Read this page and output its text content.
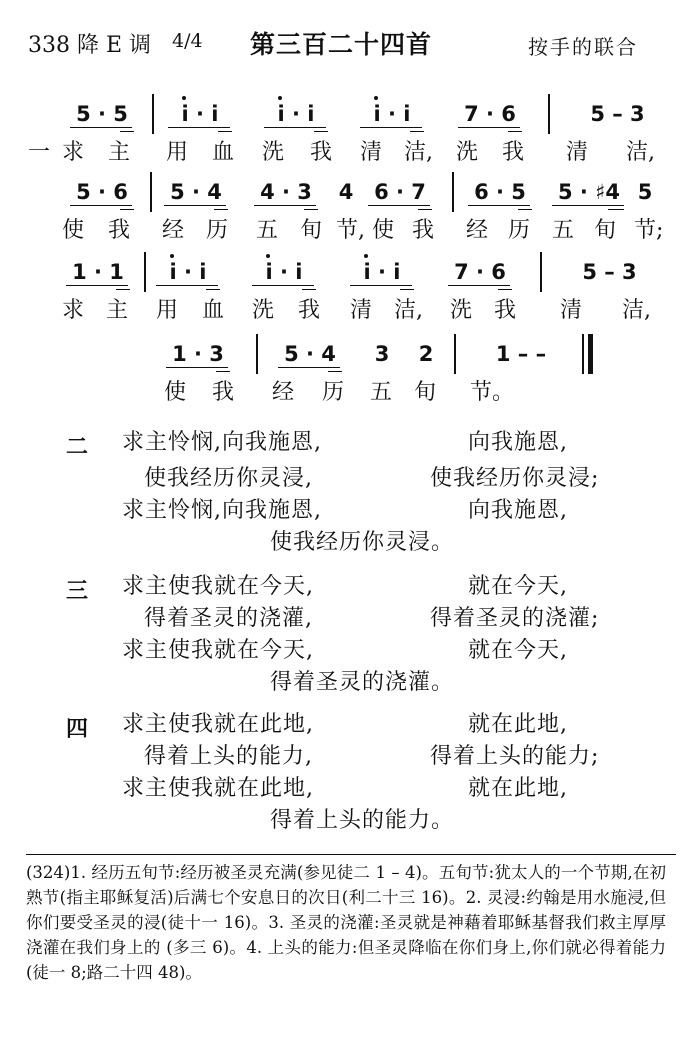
338 降 E 调 4/4 第三百二十四首	按手的联合
5 · 5	i · i	i · i	i · i	7 · 6	5 – 3
一 求 主 用 血 洗 我 清 洁, 洗 我 清 洁,
5 · 6	5 · 4	4 · 3	4 6 · 7	6 · 5	5 · ♯4 5
使 我 经 历 五 旬 节, 使 我 经 历 五 旬 节;
1 · 1	i · i	i · i	i · i	7 · 6	5 – 3
求 主 用 血 洗 我 清 洁, 洗 我 清 洁,
1 · 3	5 · 4	3 2	1 – –
使 我 经 历 五 旬 节。
二 求主怜悯,向我施恩,	向我施恩,
使我经历你灵浸,	使我经历你灵浸;
求主怜悯,向我施恩,	向我施恩,
使我经历你灵浸。
三 求主使我就在今天,	就在今天,
得着圣灵的浇灌,	得着圣灵的浇灌;
求主使我就在今天,	就在今天,
得着圣灵的浇灌。
四 求主使我就在此地,	就在此地,
得着上头的能力,	得着上头的能力;
求主使我就在此地,	就在此地,
得着上头的能力。
(324)1. 经历五旬节:经历被圣灵充满(参见徒二 1 – 4)。五旬节:犹太人的一个节期,在初熟节(指主耶稣复活)后满七个安息日的次日(利二十三 16)。2. 灵浸:约翰是用水施浸,但你们要受圣灵的浸(徒十一 16)。3. 圣灵的浇灌:圣灵就是神藉着耶稣基督我们救主厚厚浇灌在我们身上的 (多三 6)。4. 上头的能力:但圣灵降临在你们身上,你们就必得着能力(徒一 8;路二十四 48)。
